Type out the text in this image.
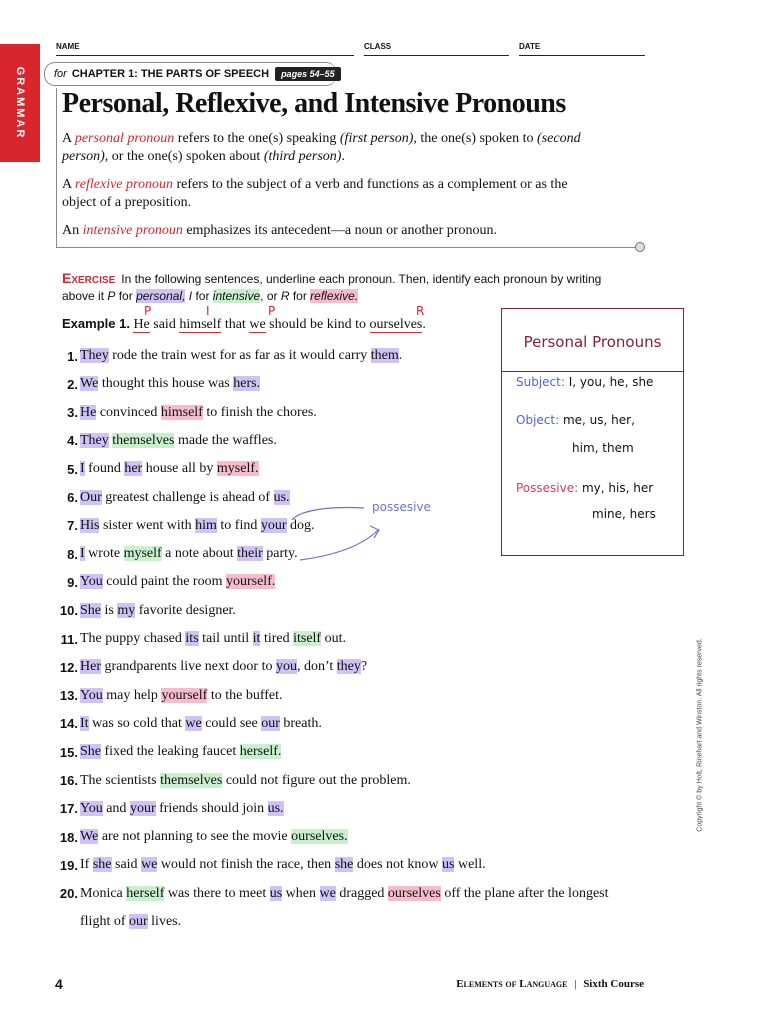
GRAMMAR
NAME	CLASS	DATE
for CHAPTER 1: THE PARTS OF SPEECH	pages 54–55
Personal, Reflexive, and Intensive Pronouns
A personal pronoun refers to the one(s) speaking (first person), the one(s) spoken to (second
person), or the one(s) spoken about (third person).
A reflexive pronoun refers to the subject of a verb and functions as a complement or as the
object of a preposition.
An intensive pronoun emphasizes its antecedent—a noun or another pronoun.
Exercise In the following sentences, underline each pronoun. Then, identify each pronoun by writing
above it P for personal, I for intensive, or R for reflexive.
P	I	P	R
Example 1. He said himself that we should be kind to ourselves.
1. They rode the train west for as far as it would carry them.
2. We thought this house was hers.
3. He convinced himself to finish the chores.
4. They themselves made the waffles.
5. I found her house all by myself.
6. Our greatest challenge is ahead of us.
7. His sister went with him to find your dog.
8. I wrote myself a note about their party.
9. You could paint the room yourself.
10. She is my favorite designer.
11. The puppy chased its tail until it tired itself out.
12. Her grandparents live next door to you, don’t they?
13. You may help yourself to the buffet.
14. It was so cold that we could see our breath.
15. She fixed the leaking faucet herself.
16. The scientists themselves could not figure out the problem.
17. You and your friends should join us.
18. We are not planning to see the movie ourselves.
19. If she said we would not finish the race, then she does not know us well.
20. Monica herself was there to meet us when we dragged ourselves off the plane after the longest
flight of our lives.
Personal Pronouns
Subject: I, you, he, she
Object: me, us, her,
him, them
Possesive: my, his, her
mine, hers
possesive
Copyright © by Holt, Rinehart and Winston. All rights reserved.
4	Elements of Language | Sixth Course
